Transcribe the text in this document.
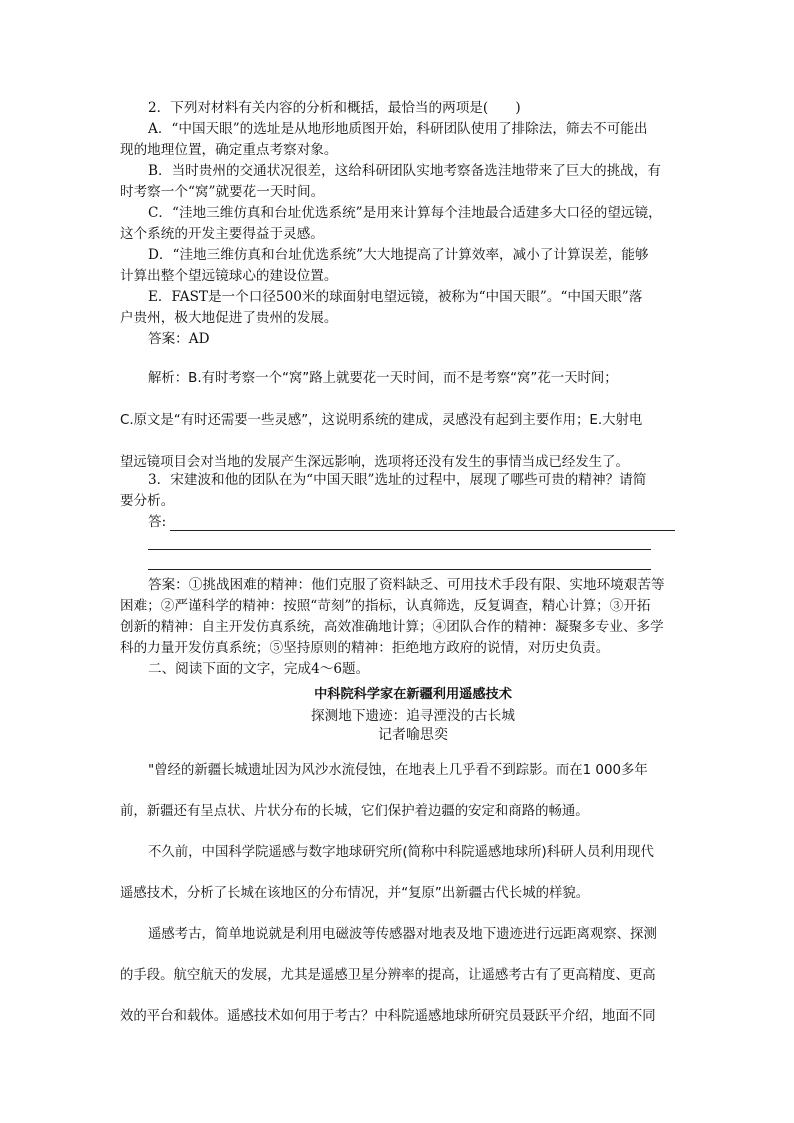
2．下列对材料有关内容的分析和概括，最恰当的两项是(　　)
A．“中国天眼”的选址是从地形地质图开始，科研团队使用了排除法，筛去不可能出
现的地理位置，确定重点考察对象。
B．当时贵州的交通状况很差，这给科研团队实地考察备选洼地带来了巨大的挑战，有
时考察一个“窝”就要花一天时间。
C．“洼地三维仿真和台址优选系统”是用来计算每个洼地最合适建多大口径的望远镜，
这个系统的开发主要得益于灵感。
D．“洼地三维仿真和台址优选系统”大大地提高了计算效率，减小了计算误差，能够
计算出整个望远镜球心的建设位置。
E．FAST是一个口径500米的球面射电望远镜，被称为“中国天眼”。“中国天眼”落
户贵州，极大地促进了贵州的发展。
答案：AD
解析：B.有时考察一个“窝”路上就要花一天时间，而不是考察“窝”花一天时间；
C.原文是“有时还需要一些灵感”，这说明系统的建成，灵感没有起到主要作用；E.大射电
望远镜项目会对当地的发展产生深远影响，选项将还没有发生的事情当成已经发生了。
3．宋建波和他的团队在为“中国天眼”选址的过程中，展现了哪些可贵的精神？请简
要分析。
答:
答案：①挑战困难的精神：他们克服了资料缺乏、可用技术手段有限、实地环境艰苦等
困难；②严谨科学的精神：按照“苛刻”的指标，认真筛选，反复调查，精心计算；③开拓
创新的精神：自主开发仿真系统，高效准确地计算；④团队合作的精神：凝聚多专业、多学
科的力量开发仿真系统；⑤坚持原则的精神：拒绝地方政府的说情，对历史负责。
二、阅读下面的文字，完成4～6题。
中科院科学家在新疆利用遥感技术
探测地下遗迹：追寻湮没的古长城
记者喻思奕
"曾经的新疆长城遗址因为风沙水流侵蚀，在地表上几乎看不到踪影。而在1 000多年
前，新疆还有呈点状、片状分布的长城，它们保护着边疆的安定和商路的畅通。
不久前，中国科学院遥感与数字地球研究所(简称中科院遥感地球所)科研人员利用现代
遥感技术，分析了长城在该地区的分布情况，并“复原”出新疆古代长城的样貌。
遥感考古，简单地说就是利用电磁波等传感器对地表及地下遗迹进行远距离观察、探测
的手段。航空航天的发展，尤其是遥感卫星分辨率的提高，让遥感考古有了更高精度、更高
效的平台和载体。遥感技术如何用于考古？中科院遥感地球所研究员聂跃平介绍，地面不同
